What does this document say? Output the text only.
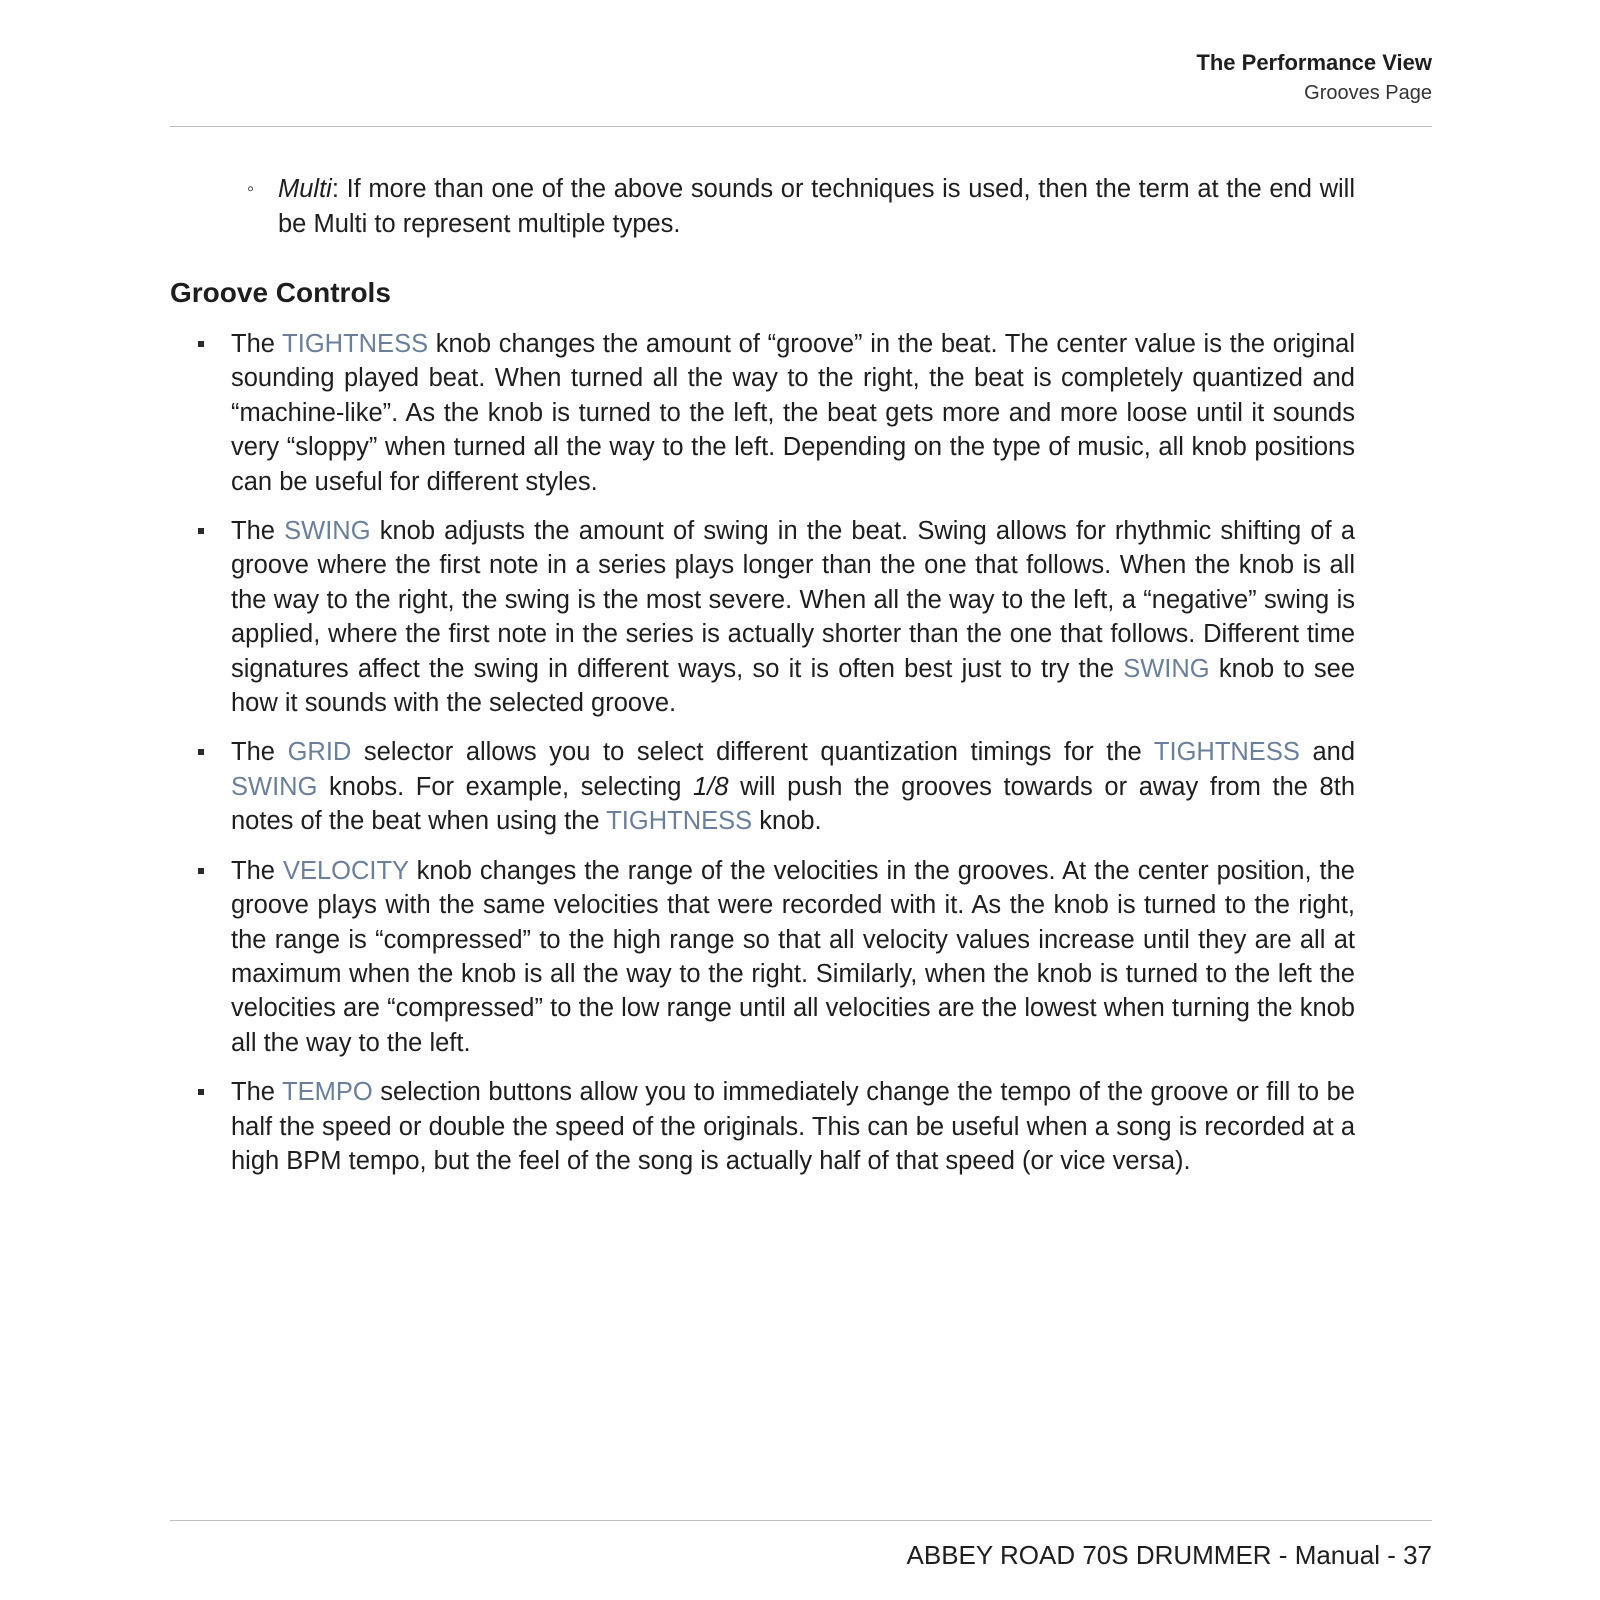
The Performance View
Grooves Page

◦ Multi: If more than one of the above sounds or techniques is used, then the term at the end will be Multi to represent multiple types.

Groove Controls
The TIGHTNESS knob changes the amount of “groove” in the beat. The center value is the original sounding played beat. When turned all the way to the right, the beat is completely quantized and “machine-like”. As the knob is turned to the left, the beat gets more and more loose until it sounds very “sloppy” when turned all the way to the left. Depending on the type of music, all knob positions can be useful for different styles.
The SWING knob adjusts the amount of swing in the beat. Swing allows for rhythmic shifting of a groove where the first note in a series plays longer than the one that follows. When the knob is all the way to the right, the swing is the most severe. When all the way to the left, a “negative” swing is applied, where the first note in the series is actually shorter than the one that follows. Different time signatures affect the swing in different ways, so it is often best just to try the SWING knob to see how it sounds with the selected groove.
The GRID selector allows you to select different quantization timings for the TIGHTNESS and SWING knobs. For example, selecting 1/8 will push the grooves towards or away from the 8th notes of the beat when using the TIGHTNESS knob.
The VELOCITY knob changes the range of the velocities in the grooves. At the center position, the groove plays with the same velocities that were recorded with it. As the knob is turned to the right, the range is “compressed” to the high range so that all velocity values increase until they are all at maximum when the knob is all the way to the right. Similarly, when the knob is turned to the left the velocities are “compressed” to the low range until all velocities are the lowest when turning the knob all the way to the left.
The TEMPO selection buttons allow you to immediately change the tempo of the groove or fill to be half the speed or double the speed of the originals. This can be useful when a song is recorded at a high BPM tempo, but the feel of the song is actually half of that speed (or vice versa).
ABBEY ROAD 70S DRUMMER - Manual - 37
